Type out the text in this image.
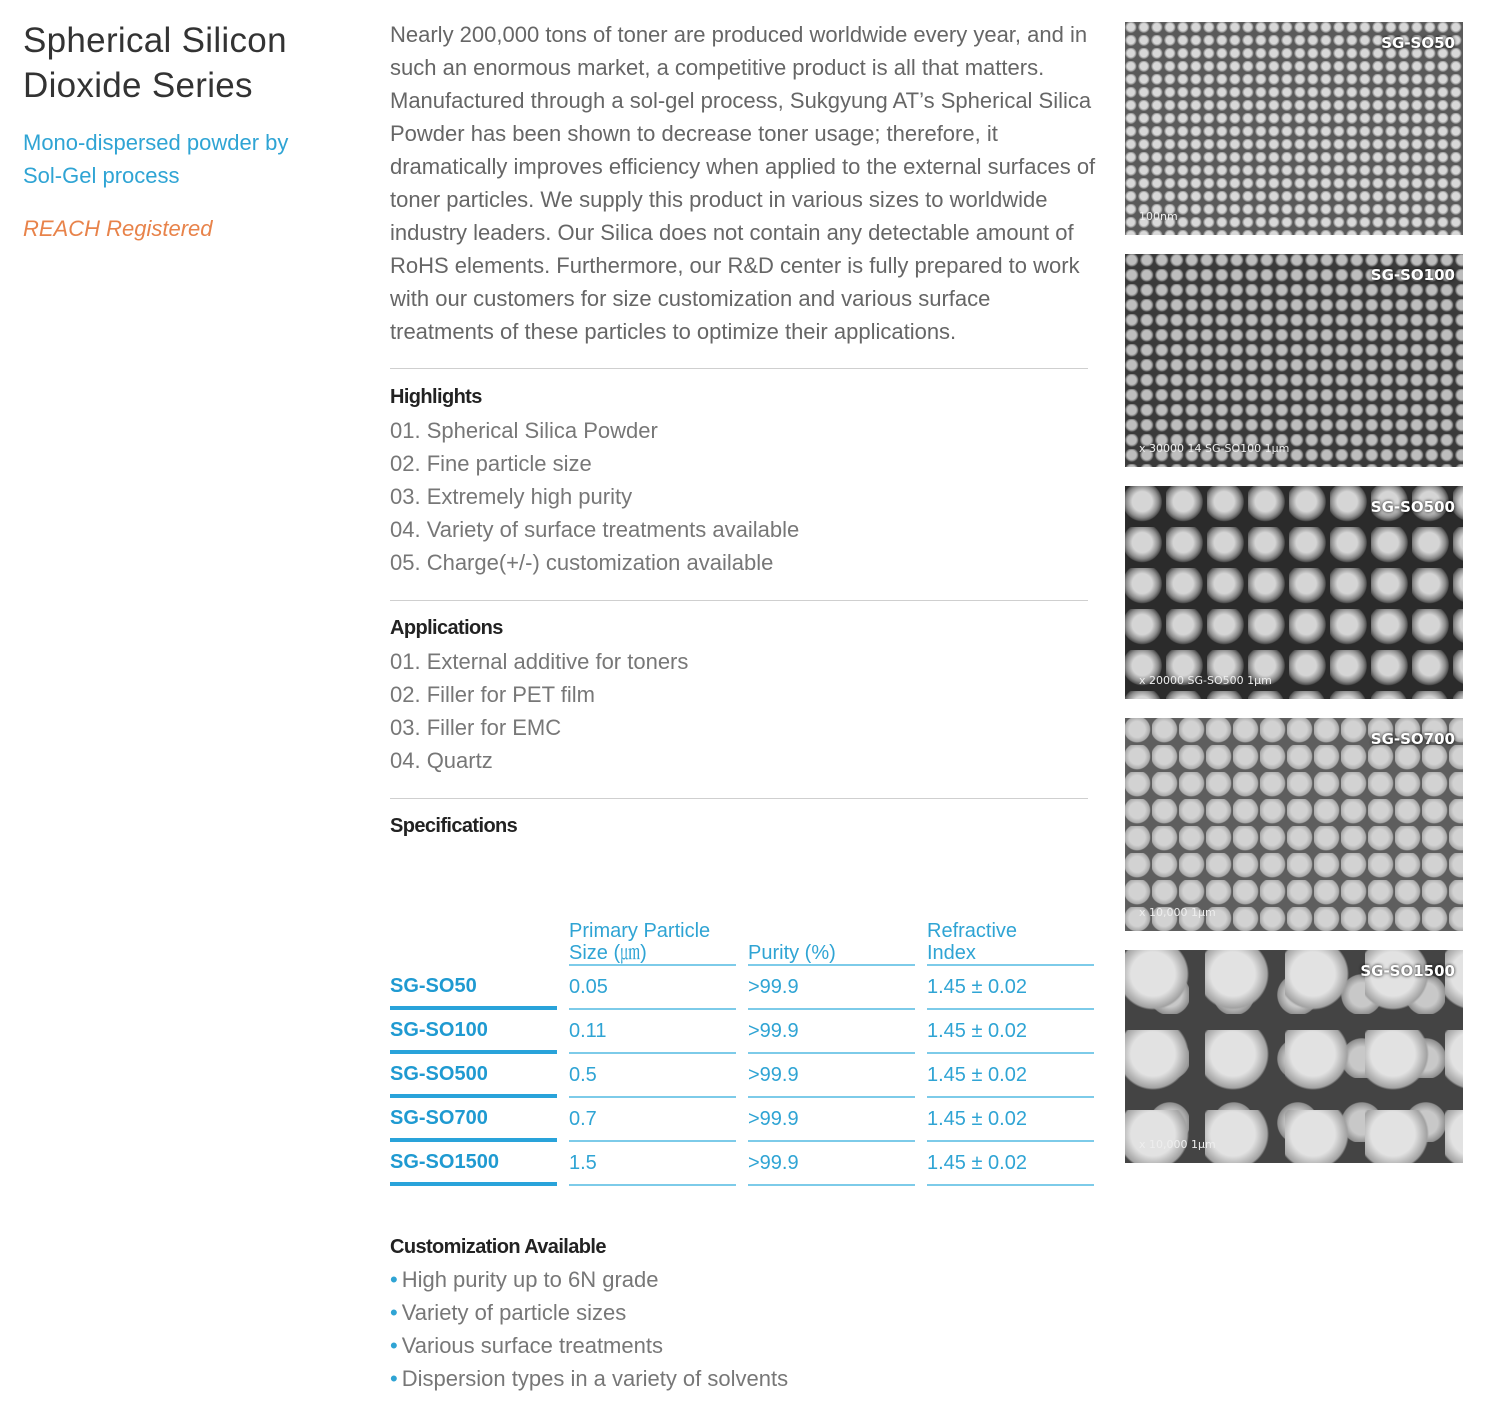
Spherical Silicon
Dioxide Series
Mono-dispersed powder by
Sol-Gel process
REACH Registered

Nearly 200,000 tons of toner are produced worldwide every year, and in such an enormous market, a competitive product is all that matters. Manufactured through a sol-gel process, Sukgyung AT’s Spherical Silica Powder has been shown to decrease toner usage; therefore, it dramatically improves efficiency when applied to the external surfaces of toner particles. We supply this product in various sizes to worldwide industry leaders. Our Silica does not contain any detectable amount of RoHS elements. Furthermore, our R&D center is fully prepared to work with our customers for size customization and various surface treatments of these particles to optimize their applications.

Highlights
01. Spherical Silica Powder
02. Fine particle size
03. Extremely high purity
04. Variety of surface treatments available
05. Charge(+/-) customization available
Applications
01. External additive for toners
02. Filler for PET film
03. Filler for EMC
04. Quartz
Specifications
		Primary Particle
Size (㎛)		Purity (%)		Refractive
Index
SG-SO50		0.05		>99.9		1.45 ± 0.02
SG-SO100		0.11		>99.9		1.45 ± 0.02
SG-SO500		0.5		>99.9		1.45 ± 0.02
SG-SO700		0.7		>99.9		1.45 ± 0.02
SG-SO1500		1.5		>99.9		1.45 ± 0.02
Customization Available
• High purity up to 6N grade
• Variety of particle sizes
• Various surface treatments
• Dispersion types in a variety of solvents
SG-SO50
100nm
SG-SO100
x 30000 14 SG-SO100 1μm
SG-SO500
x 20000 SG-SO500 1μm
SG-SO700
x 10,000 1μm
SG-SO1500
x 10,000 1μm
